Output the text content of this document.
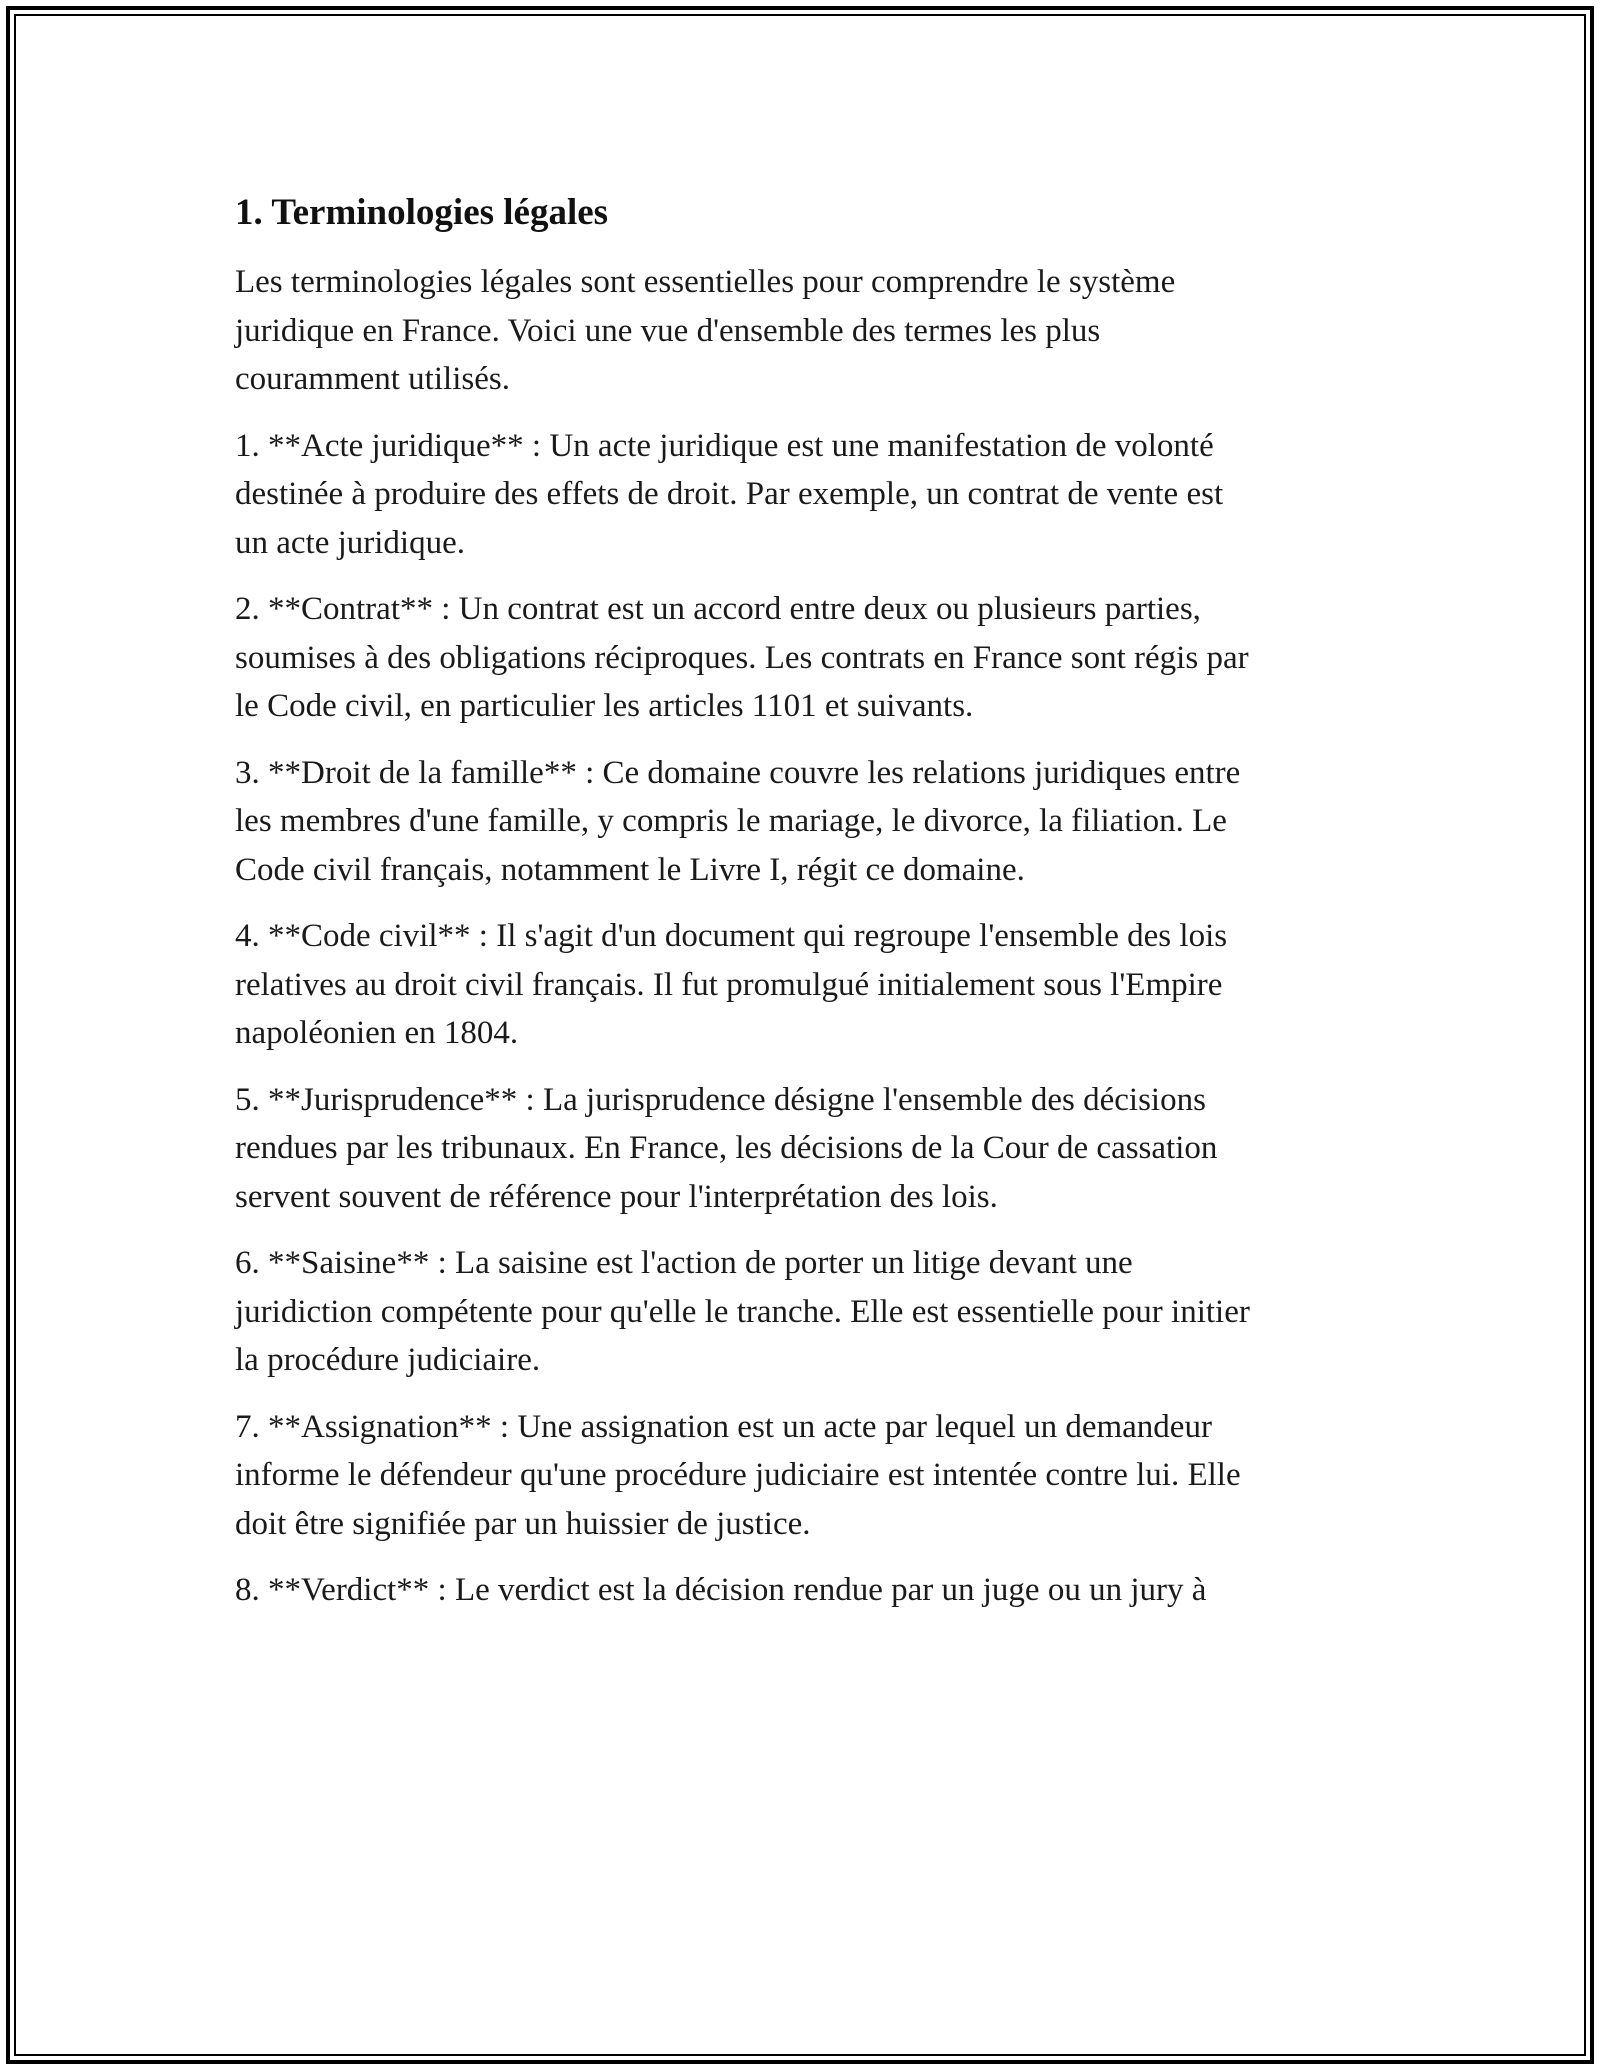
1. Terminologies légales

Les terminologies légales sont essentielles pour comprendre le système
juridique en France. Voici une vue d'ensemble des termes les plus
couramment utilisés.

1. **Acte juridique** : Un acte juridique est une manifestation de volonté
destinée à produire des effets de droit. Par exemple, un contrat de vente est
un acte juridique.

2. **Contrat** : Un contrat est un accord entre deux ou plusieurs parties,
soumises à des obligations réciproques. Les contrats en France sont régis par
le Code civil, en particulier les articles 1101 et suivants.

3. **Droit de la famille** : Ce domaine couvre les relations juridiques entre
les membres d'une famille, y compris le mariage, le divorce, la filiation. Le
Code civil français, notamment le Livre I, régit ce domaine.

4. **Code civil** : Il s'agit d'un document qui regroupe l'ensemble des lois
relatives au droit civil français. Il fut promulgué initialement sous l'Empire
napoléonien en 1804.

5. **Jurisprudence** : La jurisprudence désigne l'ensemble des décisions
rendues par les tribunaux. En France, les décisions de la Cour de cassation
servent souvent de référence pour l'interprétation des lois.

6. **Saisine** : La saisine est l'action de porter un litige devant une
juridiction compétente pour qu'elle le tranche. Elle est essentielle pour initier
la procédure judiciaire.

7. **Assignation** : Une assignation est un acte par lequel un demandeur
informe le défendeur qu'une procédure judiciaire est intentée contre lui. Elle
doit être signifiée par un huissier de justice.

8. **Verdict** : Le verdict est la décision rendue par un juge ou un jury à
